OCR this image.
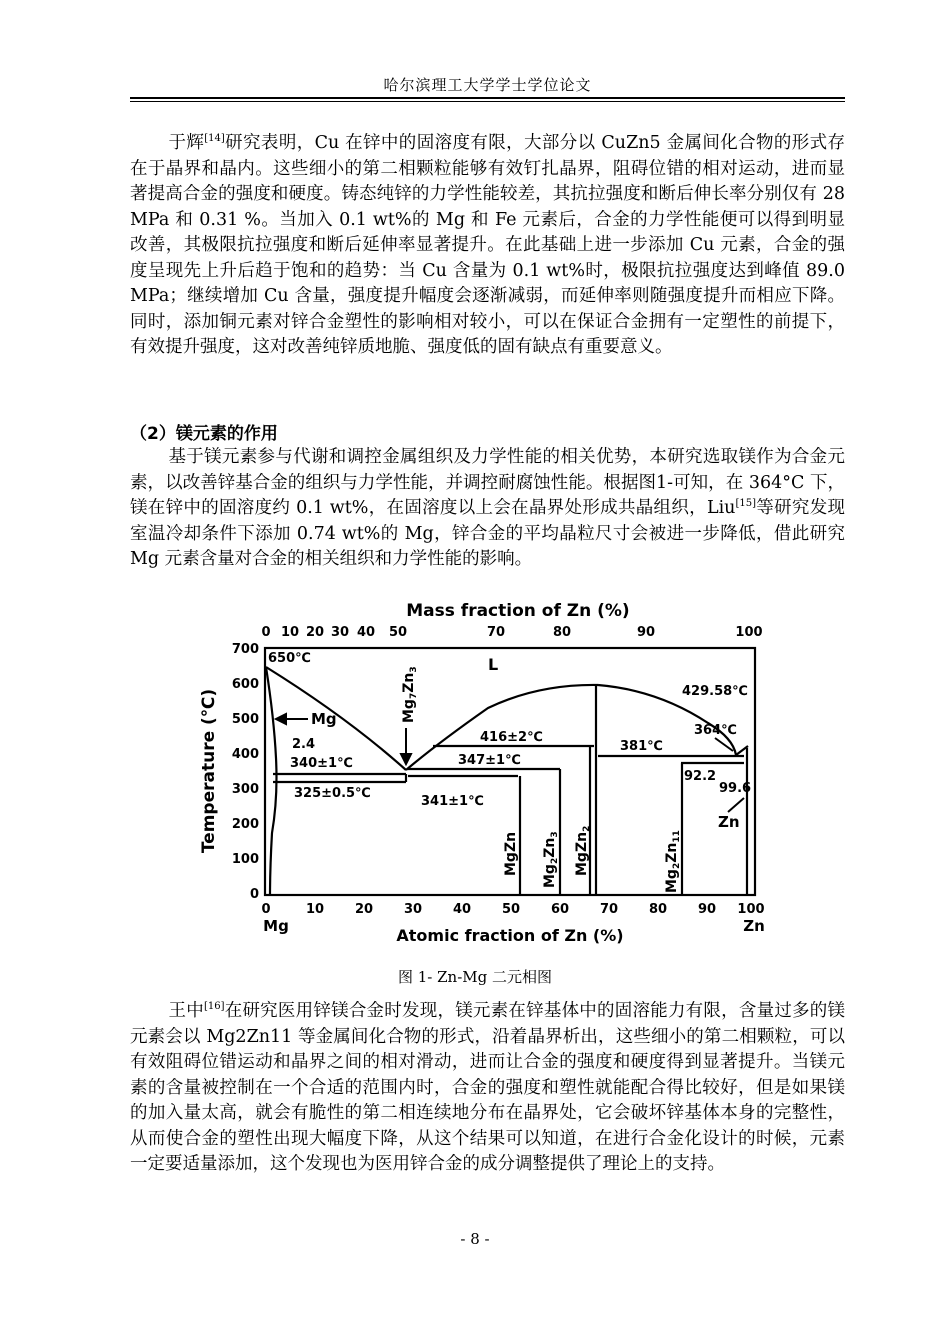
哈尔滨理工大学学士学位论文

于辉[14]研究表明，Cu 在锌中的固溶度有限，大部分以 CuZn5 金属间化合物的形式存在于晶界和晶内。这些细小的第二相颗粒能够有效钉扎晶界，阻碍位错的相对运动，进而显著提高合金的强度和硬度。铸态纯锌的力学性能较差，其抗拉强度和断后伸长率分别仅有 28 MPa 和 0.31 %。当加入 0.1 wt%的 Mg 和 Fe 元素后，合金的力学性能便可以得到明显改善，其极限抗拉强度和断后延伸率显著提升。在此基础上进一步添加 Cu 元素，合金的强度呈现先上升后趋于饱和的趋势：当 Cu 含量为 0.1 wt%时，极限抗拉强度达到峰值 89.0 MPa；继续增加 Cu 含量，强度提升幅度会逐渐减弱，而延伸率则随强度提升而相应下降。同时，添加铜元素对锌合金塑性的影响相对较小，可以在保证合金拥有一定塑性的前提下，有效提升强度，这对改善纯锌质地脆、强度低的固有缺点有重要意义。

（2）镁元素的作用

基于镁元素参与代谢和调控金属组织及力学性能的相关优势，本研究选取镁作为合金元素，以改善锌基合金的组织与力学性能，并调控耐腐蚀性能。根据图1-可知，在 364°C 下，镁在锌中的固溶度约 0.1 wt%，在固溶度以上会在晶界处形成共晶组织，Liu[15]等研究发现室温冷却条件下添加 0.74 wt%的 Mg，锌合金的平均晶粒尺寸会被进一步降低，借此研究 Mg 元素含量对合金的相关组织和力学性能的影响。

Mass fraction of Zn (%)
0 10 20 30 40 50	70	80	90	100
Temperature (℃)
700
600
500
400
300
200
100
0
0	10 20 30 40 50 60 70 80 90 100
Mg	Zn
Atomic fraction of Zn (%)
650℃	L
Mg
2.4
340±1℃
325±0.5℃
341±1℃
347±1℃
416±2℃
381℃
429.58℃
364℃
92.2
99.6
Zn
$Mg_7Zn_3$
MgZn
$Mg_2Zn_3$ MgZn$_2$
$Mg_2Zn_{11}$
图 1- Zn-Mg 二元相图

王中[16]在研究医用锌镁合金时发现，镁元素在锌基体中的固溶能力有限，含量过多的镁元素会以 Mg2Zn11 等金属间化合物的形式，沿着晶界析出，这些细小的第二相颗粒，可以有效阻碍位错运动和晶界之间的相对滑动，进而让合金的强度和硬度得到显著提升。当镁元素的含量被控制在一个合适的范围内时，合金的强度和塑性就能配合得比较好，但是如果镁的加入量太高，就会有脆性的第二相连续地分布在晶界处，它会破坏锌基体本身的完整性，从而使合金的塑性出现大幅度下降，从这个结果可以知道，在进行合金化设计的时候，元素一定要适量添加，这个发现也为医用锌合金的成分调整提供了理论上的支持。

- 8 -
